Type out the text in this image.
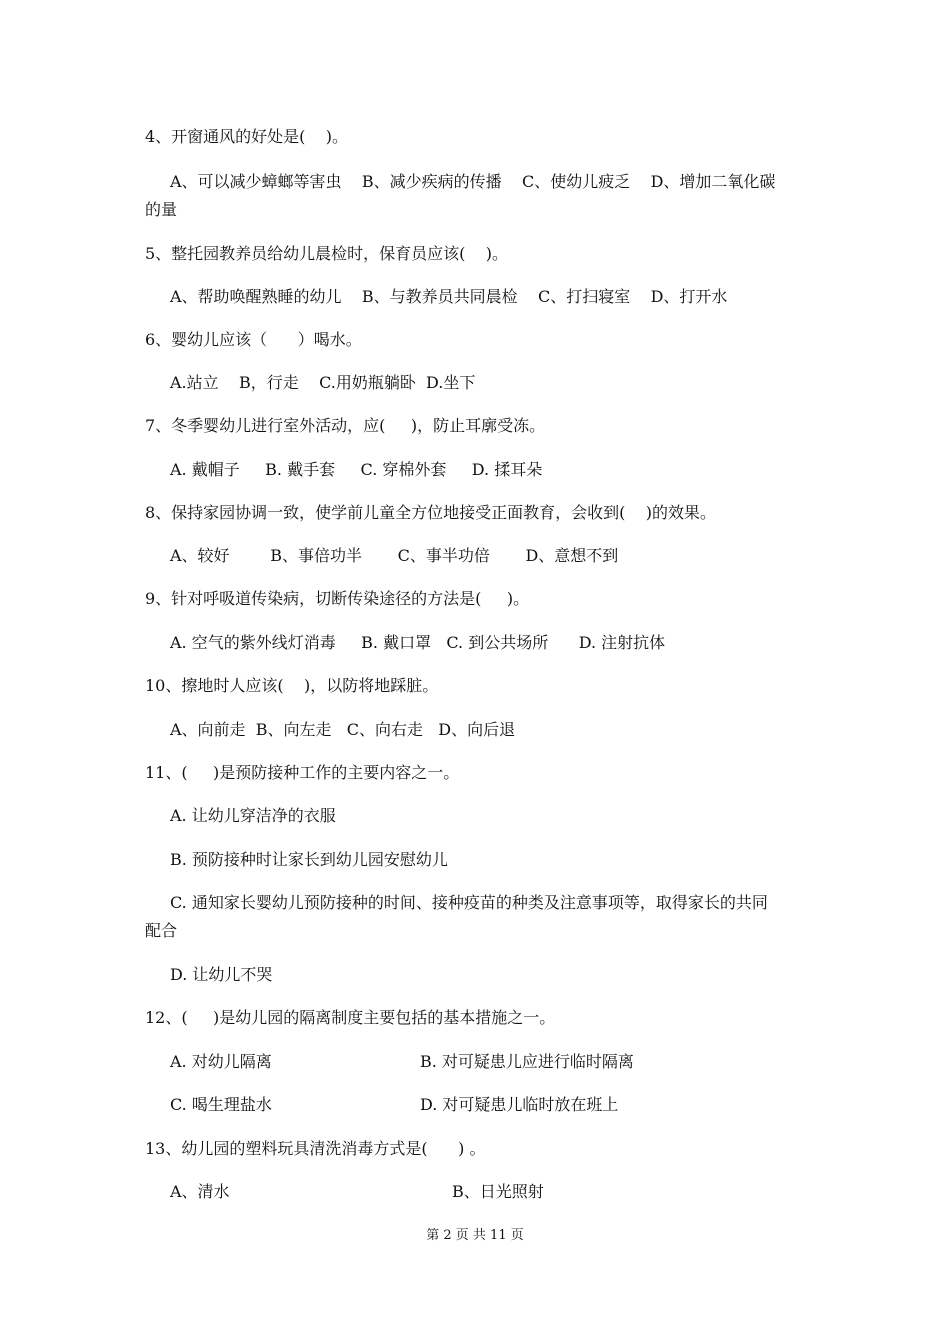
4、开窗通风的好处是(    )。
A、可以减少蟑螂等害虫    B、减少疾病的传播    C、使幼儿疲乏    D、增加二氧化碳
的量
5、整托园教养员给幼儿晨检时，保育员应该(    )。
A、帮助唤醒熟睡的幼儿    B、与教养员共同晨检    C、打扫寝室    D、打开水
6、婴幼儿应该（      ）喝水。
A.站立    B，行走    C.用奶瓶躺卧  D.坐下
7、冬季婴幼儿进行室外活动，应(     )，防止耳廓受冻。
A. 戴帽子     B. 戴手套     C. 穿棉外套     D. 揉耳朵
8、保持家园协调一致，使学前儿童全方位地接受正面教育，会收到(    )的效果。
A、较好        B、事倍功半       C、事半功倍       D、意想不到
9、针对呼吸道传染病，切断传染途径的方法是(     )。
A. 空气的紫外线灯消毒     B. 戴口罩   C. 到公共场所      D. 注射抗体
10、擦地时人应该(    )，以防将地踩脏。
A、向前走  B、向左走   C、向右走   D、向后退
11、(     )是预防接种工作的主要内容之一。
A. 让幼儿穿洁净的衣服
B. 预防接种时让家长到幼儿园安慰幼儿
C. 通知家长婴幼儿预防接种的时间、接种疫苗的种类及注意事项等，取得家长的共同
配合
D. 让幼儿不哭
12、(     )是幼儿园的隔离制度主要包括的基本措施之一。
A. 对幼儿隔离	B. 对可疑患儿应进行临时隔离
C. 喝生理盐水	D. 对可疑患儿临时放在班上
13、幼儿园的塑料玩具清洗消毒方式是(      ) 。
A、清水	B、日光照射
第 2 页 共 11 页
